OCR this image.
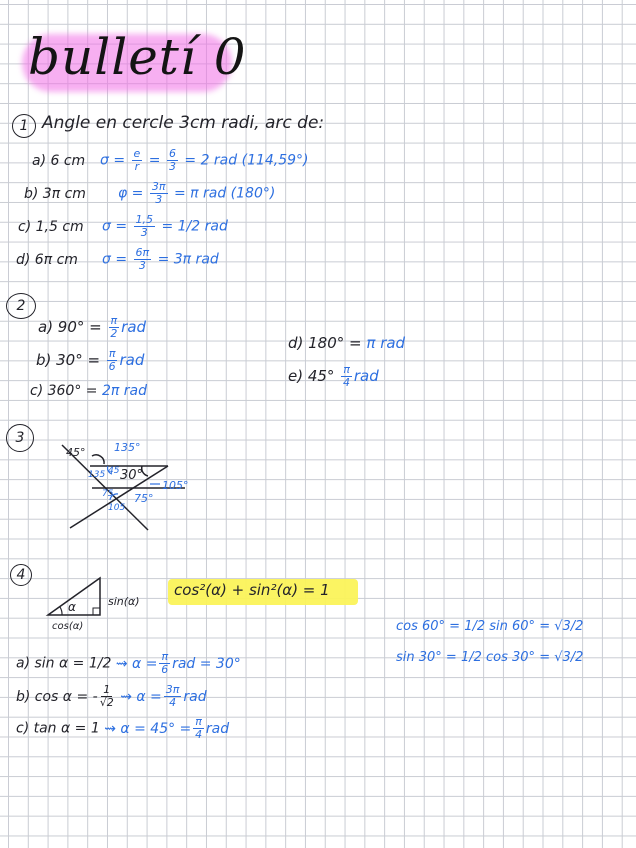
bulletí 0
1 Angle en cercle 3cm radi, arc de:
a) 6 cm $\sigma = \frac{e}{r} = \frac{6}{3} = 2$ rad (114,59°)
b) 3π cm $\varphi = \frac{3\pi}{3} = \pi$ rad (180°)
c) 1,5 cm $\sigma = \frac{1,5}{3} = 1/2$ rad
d) 6π cm $\sigma = \frac{6\pi}{3} = 3\pi$ rad
2
a) $90^\circ = \frac{\pi}{2}$ rad
b) $30^\circ = \frac{\pi}{6}$ rad
c) 360° = 2π rad
d) 180° = π rad
e) $45^\circ \frac{\pi}{4}$ rad
3
45°	135°
135 45 30°
105°
75 75°
105
4
α	sin(α)
cos(α)
cos²(α) + sin²(α) = 1
a) sin α = 1/2 ⇝ $\alpha = \frac{\pi}{6}$ rad = 30°
b) cos α = - $\frac{1}{√2}$ ⇝ $\alpha = \frac{3\pi}{4}$ rad
c) tan α = 1 ⇝ $\alpha = 45^\circ = \frac{\pi}{4}$ rad
cos 60° = 1/2 sin 60° = √3/2
sin 30° = 1/2 cos 30° = √3/2
